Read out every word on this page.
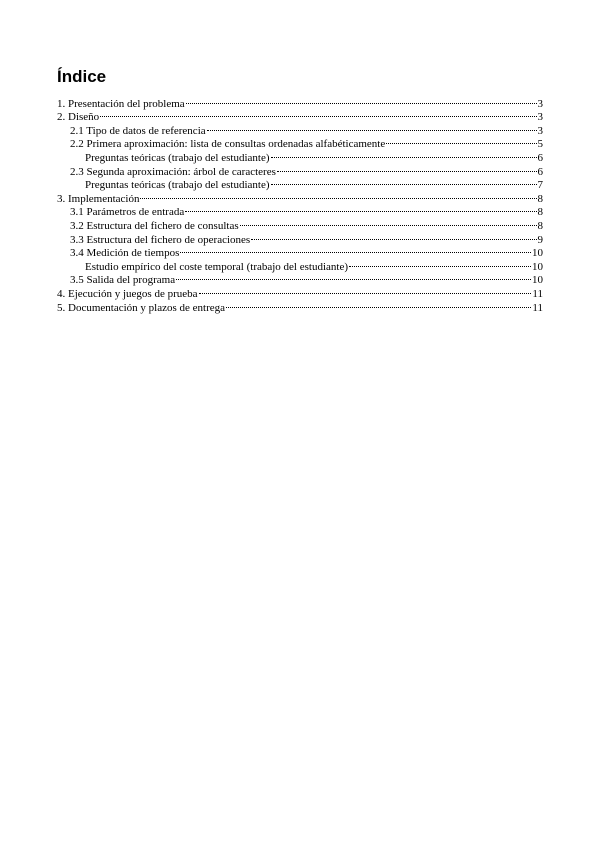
Índice
1. Presentación del problema	3
2. Diseño	3
2.1 Tipo de datos de referencia	3
2.2 Primera aproximación: lista de consultas ordenadas alfabéticamente	5
Preguntas teóricas (trabajo del estudiante)	6
2.3 Segunda aproximación: árbol de caracteres	6
Preguntas teóricas (trabajo del estudiante)	7
3. Implementación	8
3.1 Parámetros de entrada	8
3.2 Estructura del fichero de consultas	8
3.3 Estructura del fichero de operaciones	9
3.4 Medición de tiempos	10
Estudio empírico del coste temporal (trabajo del estudiante)	10
3.5 Salida del programa	10
4. Ejecución y juegos de prueba	11
5. Documentación y plazos de entrega	11
